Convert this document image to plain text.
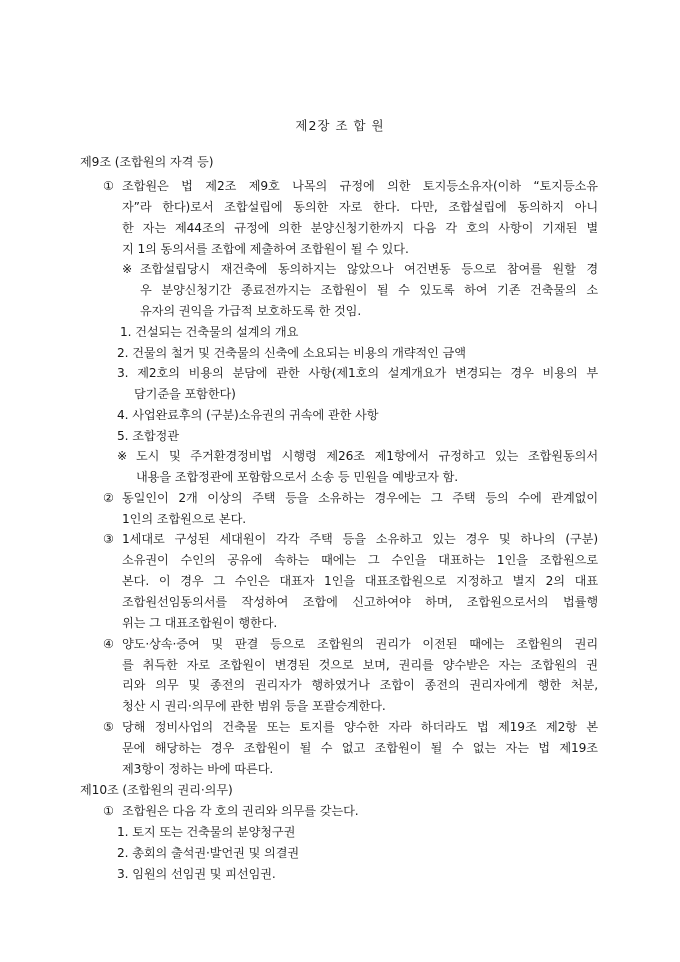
제2장 조 합 원
제9조 (조합원의 자격 등)
① 조합원은 법 제2조 제9호 나목의 규정에 의한 토지등소유자(이하 “토지등소유
자”라 한다)로서 조합설립에 동의한 자로 한다. 다만, 조합설립에 동의하지 아니
한 자는 제44조의 규정에 의한 분양신청기한까지 다음 각 호의 사항이 기재된 별
지 1의 동의서를 조합에 제출하여 조합원이 될 수 있다.
※ 조합설립당시 재건축에 동의하지는 않았으나 여건변동 등으로 참여를 원할 경
우 분양신청기간 종료전까지는 조합원이 될 수 있도록 하여 기존 건축물의 소
유자의 권익을 가급적 보호하도록 한 것임.
1. 건설되는 건축물의 설계의 개요
2. 건물의 철거 및 건축물의 신축에 소요되는 비용의 개략적인 금액
3. 제2호의 비용의 분담에 관한 사항(제1호의 설계개요가 변경되는 경우 비용의 부
담기준을 포함한다)
4. 사업완료후의 (구분)소유권의 귀속에 관한 사항
5. 조합정관
※ 도시 및 주거환경정비법 시행령 제26조 제1항에서 규정하고 있는 조합원동의서
내용을 조합정관에 포함함으로서 소송 등 민원을 예방코자 함.
② 동일인이 2개 이상의 주택 등을 소유하는 경우에는 그 주택 등의 수에 관계없이
1인의 조합원으로 본다.
③ 1세대로 구성된 세대원이 각각 주택 등을 소유하고 있는 경우 및 하나의 (구분)
소유권이 수인의 공유에 속하는 때에는 그 수인을 대표하는 1인을 조합원으로
본다. 이 경우 그 수인은 대표자 1인을 대표조합원으로 지정하고 별지 2의 대표
조합원선임동의서를 작성하여 조합에 신고하여야 하며, 조합원으로서의 법률행
위는 그 대표조합원이 행한다.
④ 양도·상속·증여 및 판결 등으로 조합원의 권리가 이전된 때에는 조합원의 권리
를 취득한 자로 조합원이 변경된 것으로 보며, 권리를 양수받은 자는 조합원의 권
리와 의무 및 종전의 권리자가 행하였거나 조합이 종전의 권리자에게 행한 처분,
청산 시 권리·의무에 관한 범위 등을 포괄승계한다.
⑤ 당해 정비사업의 건축물 또는 토지를 양수한 자라 하더라도 법 제19조 제2항 본
문에 해당하는 경우 조합원이 될 수 없고 조합원이 될 수 없는 자는 법 제19조
제3항이 정하는 바에 따른다.
제10조 (조합원의 권리·의무)
① 조합원은 다음 각 호의 권리와 의무를 갖는다.
1. 토지 또는 건축물의 분양청구권
2. 총회의 출석권·발언권 및 의결권
3. 임원의 선임권 및 피선임권.
